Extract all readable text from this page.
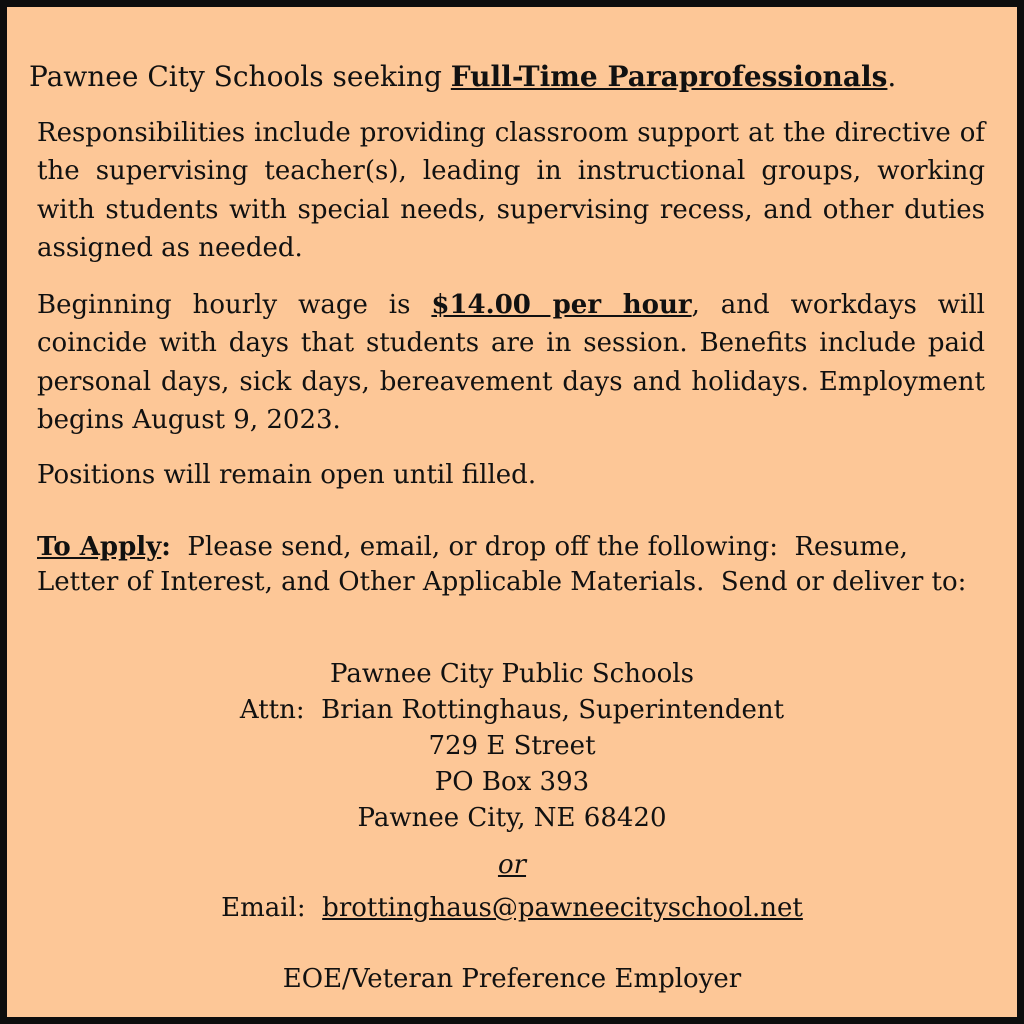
Pawnee City Schools seeking Full-Time Paraprofessionals.
Responsibilities include providing classroom support at the directive of the supervising teacher(s), leading in instructional groups, working with students with special needs, supervising recess, and other duties assigned as needed.
Beginning hourly wage is $14.00 per hour, and workdays will coincide with days that students are in session. Benefits include paid personal days, sick days, bereavement days and holidays. Employment begins August 9, 2023.
Positions will remain open until filled.
To Apply:  Please send, email, or drop off the following:  Resume, Letter of Interest, and Other Applicable Materials.  Send or deliver to:
Pawnee City Public Schools
Attn:  Brian Rottinghaus, Superintendent
729 E Street
PO Box 393
Pawnee City, NE 68420
or
Email:  brottinghaus@pawneecityschool.net
EOE/Veteran Preference Employer
